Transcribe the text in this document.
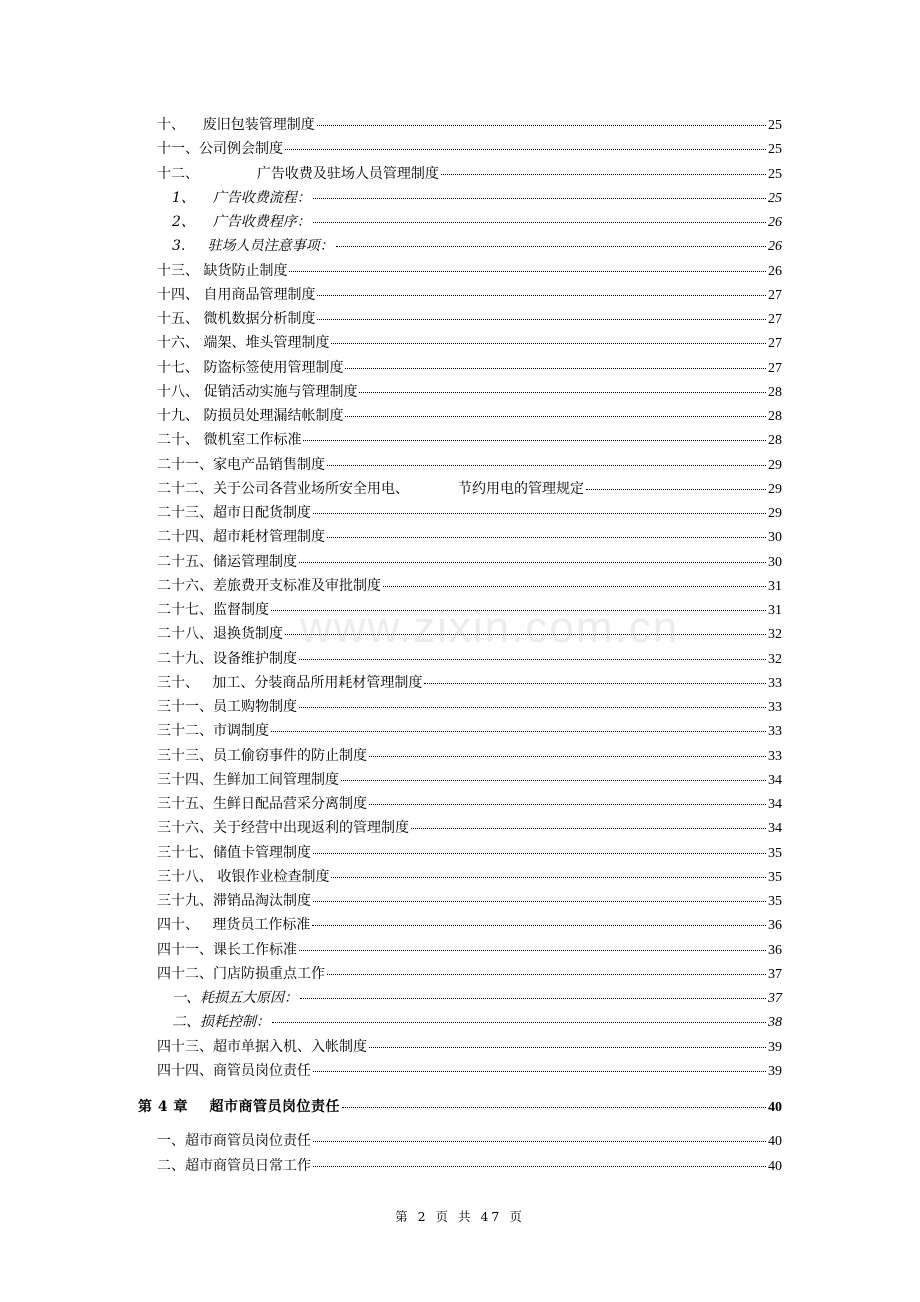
十、    废旧包装管理制度	25
十一、公司例会制度	25
十二、             广告收费及驻场人员管理制度	25
1、    广告收费流程：	25
2、    广告收费程序：	26
3.     驻场人员注意事项：	26
十三、 缺货防止制度	26
十四、 自用商品管理制度	27
十五、 微机数据分析制度	27
十六、 端架、堆头管理制度	27
十七、 防盗标签使用管理制度	27
十八、 促销活动实施与管理制度	28
十九、 防损员处理漏结帐制度	28
二十、 微机室工作标准	28
二十一、家电产品销售制度	29
二十二、关于公司各营业场所安全用电、           节约用电的管理规定	29
二十三、超市日配货制度	29
二十四、超市耗材管理制度	30
二十五、储运管理制度	30
二十六、差旅费开支标准及审批制度	31
二十七、监督制度	31
二十八、退换货制度	32
二十九、设备维护制度	32
三十、   加工、分装商品所用耗材管理制度	33
三十一、员工购物制度	33
三十二、市调制度	33
三十三、员工偷窃事件的防止制度	33
三十四、生鲜加工间管理制度	34
三十五、生鲜日配品营采分离制度	34
三十六、关于经营中出现返利的管理制度	34
三十七、储值卡管理制度	35
三十八、 收银作业检查制度	35
三十九、滞销品淘汰制度	35
四十、   理货员工作标准	36
四十一、课长工作标准	36
四十二、门店防损重点工作	37
一、耗损五大原因：	37
二、损耗控制：	38
四十三、超市单据入机、入帐制度	39
四十四、商管员岗位责任	39
第 4 章    超市商管员岗位责任	40
一、超市商管员岗位责任	40
二、超市商管员日常工作	40
www.zixin.com.cn
第 2 页 共 47 页
